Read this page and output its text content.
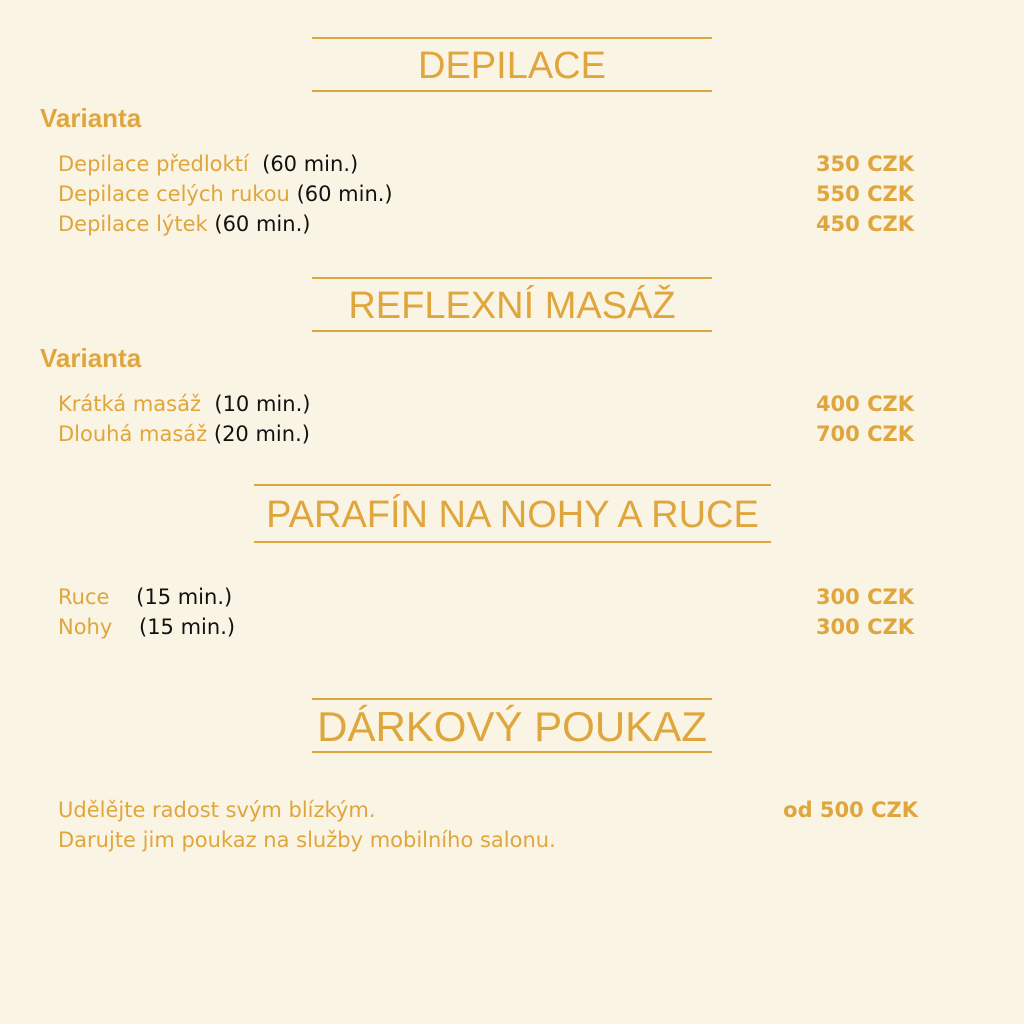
DEPILACE
Varianta
Depilace předloktí (60 min.)	350 CZK
Depilace celých rukou (60 min.)	550 CZK
Depilace lýtek (60 min.)	450 CZK
REFLEXNÍ MASÁŽ
Varianta
Krátká masáž (10 min.)	400 CZK
Dlouhá masáž (20 min.)	700 CZK
PARAFÍN NA NOHY A RUCE
Ruce (15 min.)	300 CZK
Nohy (15 min.)	300 CZK
DÁRKOVÝ POUKAZ
Udělějte radost svým blízkým.
Darujte jim poukaz na služby mobilního salonu.
od 500 CZK
